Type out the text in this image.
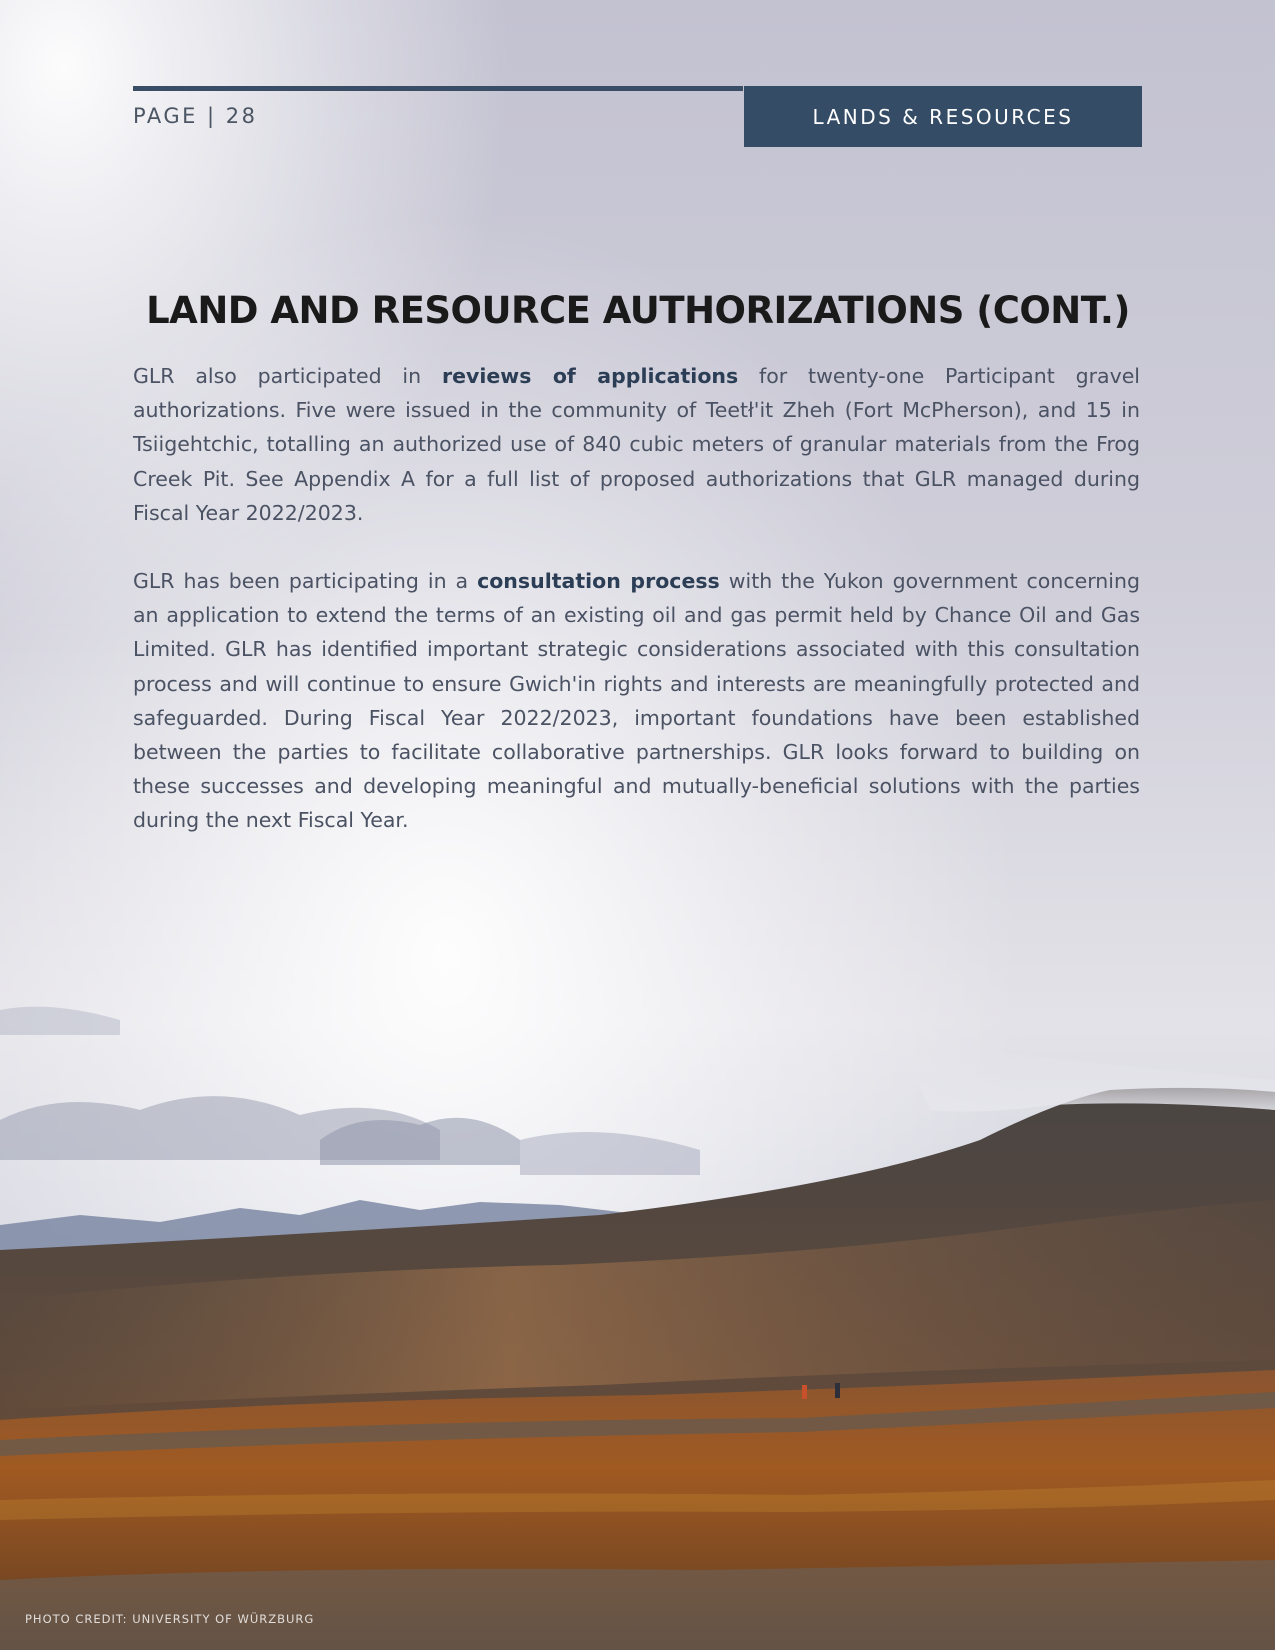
PAGE | 28	LANDS & RESOURCES
LAND AND RESOURCE AUTHORIZATIONS (CONT.)

GLR also participated in reviews of applications for twenty-one Participant gravel authorizations. Five were issued in the community of Teetł'it Zheh (Fort McPherson), and 15 in Tsiigehtchic, totalling an authorized use of 840 cubic meters of granular materials from the Frog Creek Pit. See Appendix A for a full list of proposed authorizations that GLR managed during Fiscal Year 2022/2023.

GLR has been participating in a consultation process with the Yukon government concerning an application to extend the terms of an existing oil and gas permit held by Chance Oil and Gas Limited. GLR has identified important strategic considerations associated with this consultation process and will continue to ensure Gwich'in rights and interests are meaningfully protected and safeguarded. During Fiscal Year 2022/2023, important foundations have been established between the parties to facilitate collaborative partnerships. GLR looks forward to building on these successes and developing meaningful and mutually-beneficial solutions with the parties during the next Fiscal Year.

PHOTO CREDIT: UNIVERSITY OF WÜRZBURG
